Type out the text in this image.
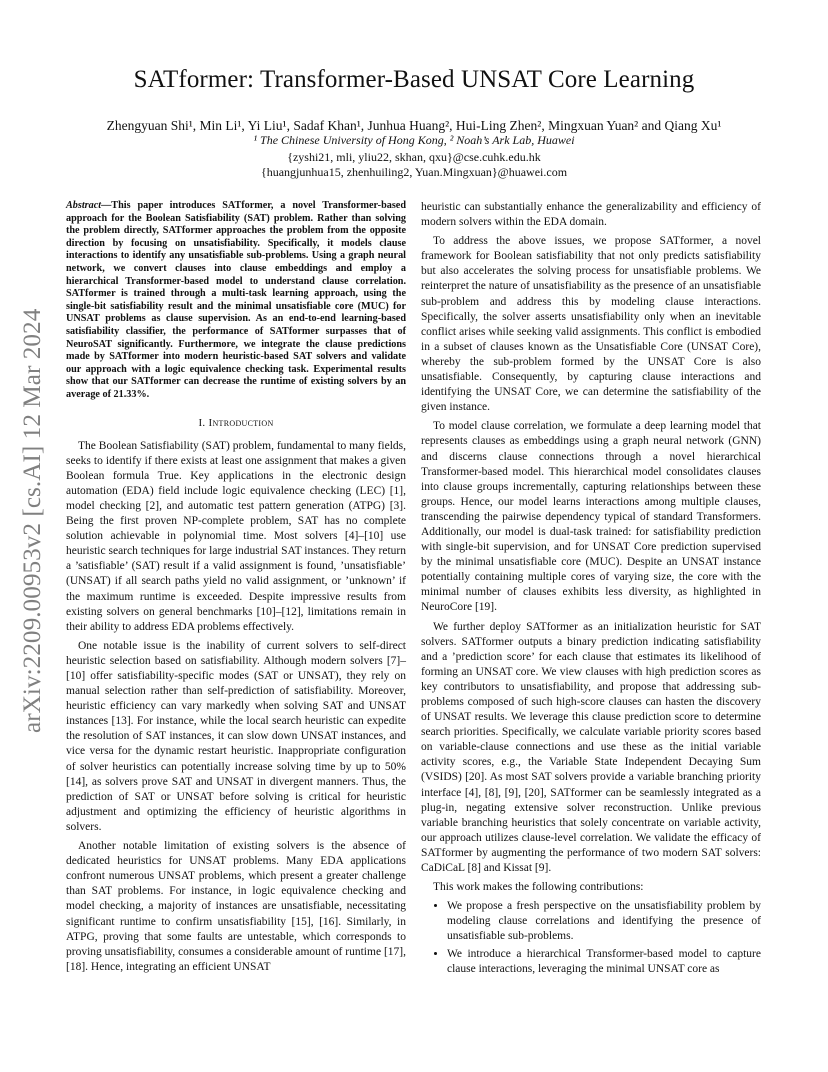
arXiv:2209.00953v2 [cs.AI] 12 Mar 2024
SATformer: Transformer-Based UNSAT Core Learning
Zhengyuan Shi¹, Min Li¹, Yi Liu¹, Sadaf Khan¹, Junhua Huang², Hui-Ling Zhen², Mingxuan Yuan² and Qiang Xu¹
¹ The Chinese University of Hong Kong, ² Noah’s Ark Lab, Huawei
{zyshi21, mli, yliu22, skhan, qxu}@cse.cuhk.edu.hk
{huangjunhua15, zhenhuiling2, Yuan.Mingxuan}@huawei.com
Abstract—This paper introduces SATformer, a novel Transformer-based approach for the Boolean Satisfiability (SAT) problem. Rather than solving the problem directly, SATformer approaches the problem from the opposite direction by focusing on unsatisfiability. Specifically, it models clause interactions to identify any unsatisfiable sub-problems. Using a graph neural network, we convert clauses into clause embeddings and employ a hierarchical Transformer-based model to understand clause correlation. SATformer is trained through a multi-task learning approach, using the single-bit satisfiability result and the minimal unsatisfiable core (MUC) for UNSAT problems as clause supervision. As an end-to-end learning-based satisfiability classifier, the performance of SATformer surpasses that of NeuroSAT significantly. Furthermore, we integrate the clause predictions made by SATformer into modern heuristic-based SAT solvers and validate our approach with a logic equivalence checking task. Experimental results show that our SATformer can decrease the runtime of existing solvers by an average of 21.33%.
I. Introduction

The Boolean Satisfiability (SAT) problem, fundamental to many fields, seeks to identify if there exists at least one assignment that makes a given Boolean formula True. Key applications in the electronic design automation (EDA) field include logic equivalence checking (LEC) [1], model checking [2], and automatic test pattern generation (ATPG) [3]. Being the first proven NP-complete problem, SAT has no complete solution achievable in polynomial time. Most solvers [4]–[10] use heuristic search techniques for large industrial SAT instances. They return a ’satisfiable’ (SAT) result if a valid assignment is found, ’unsatisfiable’ (UNSAT) if all search paths yield no valid assignment, or ’unknown’ if the maximum runtime is exceeded. Despite impressive results from existing solvers on general benchmarks [10]–[12], limitations remain in their ability to address EDA problems effectively.

One notable issue is the inability of current solvers to self-direct heuristic selection based on satisfiability. Although modern solvers [7]–[10] offer satisfiability-specific modes (SAT or UNSAT), they rely on manual selection rather than self-prediction of satisfiability. Moreover, heuristic efficiency can vary markedly when solving SAT and UNSAT instances [13]. For instance, while the local search heuristic can expedite the resolution of SAT instances, it can slow down UNSAT instances, and vice versa for the dynamic restart heuristic. Inappropriate configuration of solver heuristics can potentially increase solving time by up to 50% [14], as solvers prove SAT and UNSAT in divergent manners. Thus, the prediction of SAT or UNSAT before solving is critical for heuristic adjustment and optimizing the efficiency of heuristic algorithms in solvers.

Another notable limitation of existing solvers is the absence of dedicated heuristics for UNSAT problems. Many EDA applications confront numerous UNSAT problems, which present a greater challenge than SAT problems. For instance, in logic equivalence checking and model checking, a majority of instances are unsatisfiable, necessitating significant runtime to confirm unsatisfiability [15], [16]. Similarly, in ATPG, proving that some faults are untestable, which corresponds to proving unsatisfiability, consumes a considerable amount of runtime [17], [18]. Hence, integrating an efficient UNSAT

heuristic can substantially enhance the generalizability and efficiency of modern solvers within the EDA domain.

To address the above issues, we propose SATformer, a novel framework for Boolean satisfiability that not only predicts satisfiability but also accelerates the solving process for unsatisfiable problems. We reinterpret the nature of unsatisfiability as the presence of an unsatisfiable sub-problem and address this by modeling clause interactions. Specifically, the solver asserts unsatisfiability only when an inevitable conflict arises while seeking valid assignments. This conflict is embodied in a subset of clauses known as the Unsatisfiable Core (UNSAT Core), whereby the sub-problem formed by the UNSAT Core is also unsatisfiable. Consequently, by capturing clause interactions and identifying the UNSAT Core, we can determine the satisfiability of the given instance.

To model clause correlation, we formulate a deep learning model that represents clauses as embeddings using a graph neural network (GNN) and discerns clause connections through a novel hierarchical Transformer-based model. This hierarchical model consolidates clauses into clause groups incrementally, capturing relationships between these groups. Hence, our model learns interactions among multiple clauses, transcending the pairwise dependency typical of standard Transformers. Additionally, our model is dual-task trained: for satisfiability prediction with single-bit supervision, and for UNSAT Core prediction supervised by the minimal unsatisfiable core (MUC). Despite an UNSAT instance potentially containing multiple cores of varying size, the core with the minimal number of clauses exhibits less diversity, as highlighted in NeuroCore [19].

We further deploy SATformer as an initialization heuristic for SAT solvers. SATformer outputs a binary prediction indicating satisfiability and a ’prediction score’ for each clause that estimates its likelihood of forming an UNSAT core. We view clauses with high prediction scores as key contributors to unsatisfiability, and propose that addressing sub-problems composed of such high-score clauses can hasten the discovery of UNSAT results. We leverage this clause prediction score to determine search priorities. Specifically, we calculate variable priority scores based on variable-clause connections and use these as the initial variable activity scores, e.g., the Variable State Independent Decaying Sum (VSIDS) [20]. As most SAT solvers provide a variable branching priority interface [4], [8], [9], [20], SATformer can be seamlessly integrated as a plug-in, negating extensive solver reconstruction. Unlike previous variable branching heuristics that solely concentrate on variable activity, our approach utilizes clause-level correlation. We validate the efficacy of SATformer by augmenting the performance of two modern SAT solvers: CaDiCaL [8] and Kissat [9].

This work makes the following contributions:

• We propose a fresh perspective on the unsatisfiability problem by modeling clause correlations and identifying the presence of unsatisfiable sub-problems.
• We introduce a hierarchical Transformer-based model to capture clause interactions, leveraging the minimal UNSAT core as
